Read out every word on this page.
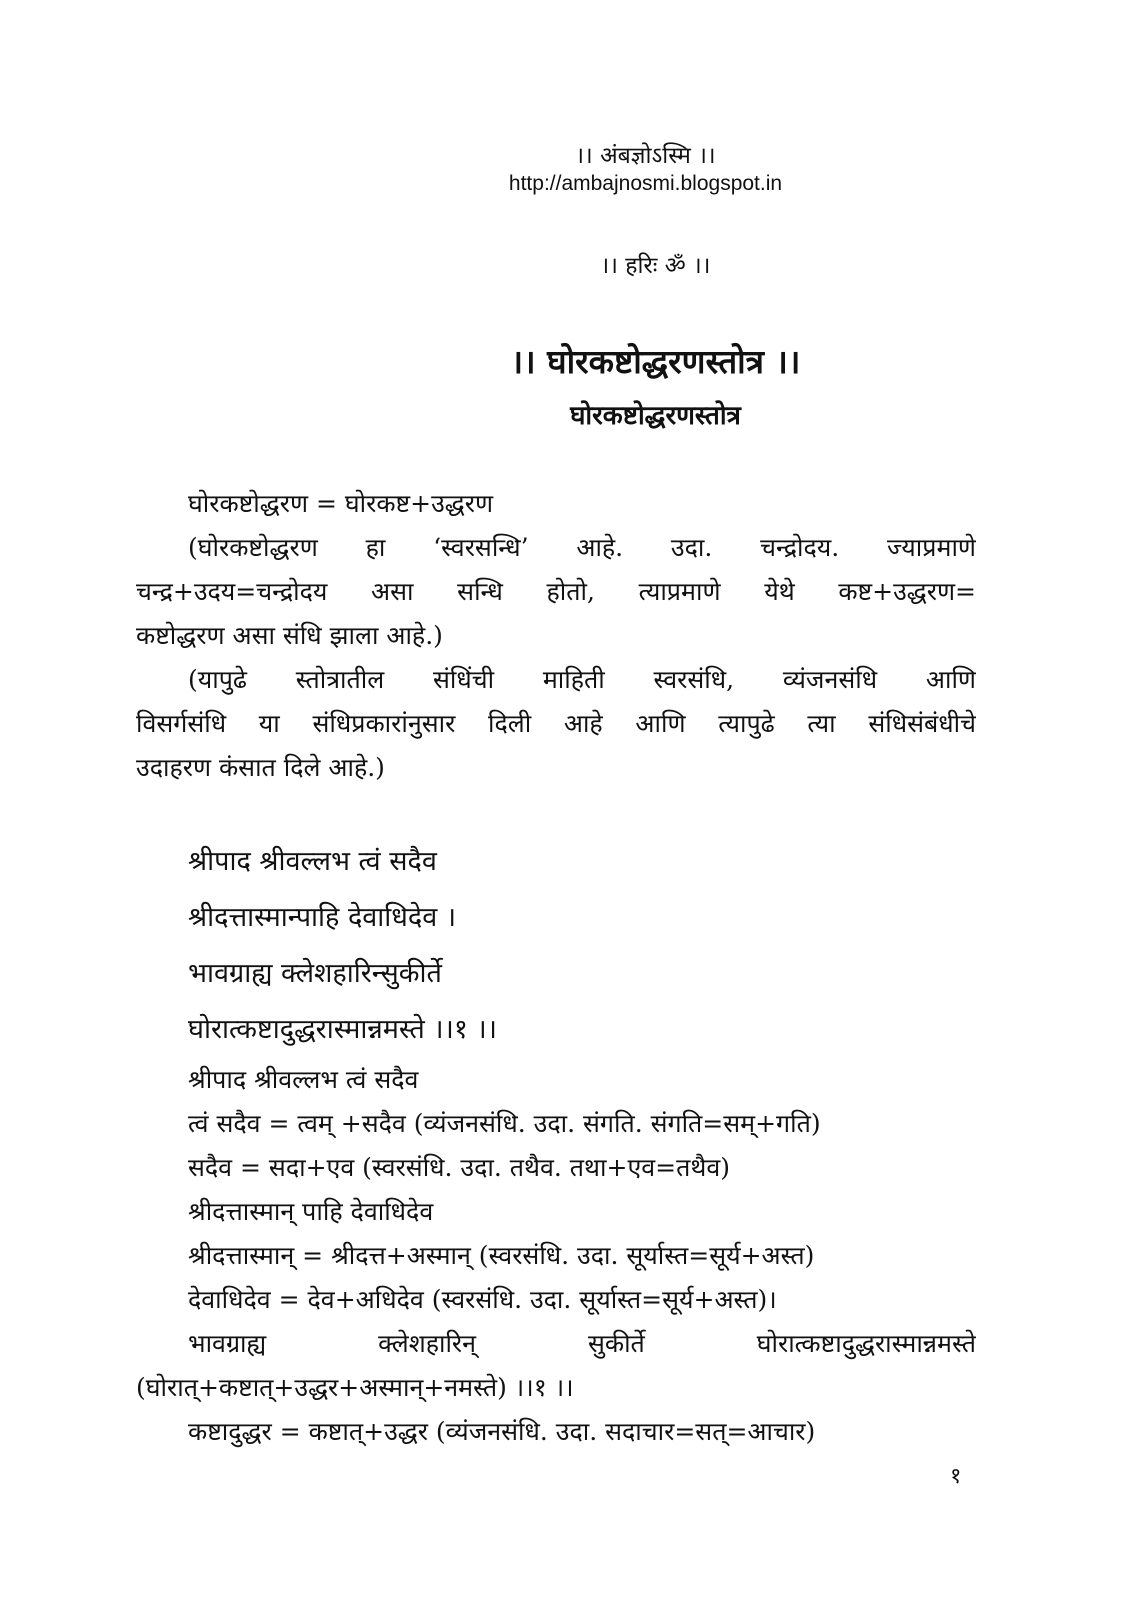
।। अंबज्ञोऽस्मि ।।
http://ambajnosmi.blogspot.in
।। हरिः ॐ ।।
।। घोरकष्टोद्धरणस्तोत्र ।।
घोरकष्टोद्धरणस्तोत्र
घोरकष्टोद्धरण = घोरकष्ट+उद्धरण
(घोरकष्टोद्धरण हा ‘स्वरसन्धि’ आहे. उदा. चन्द्रोदय. ज्याप्रमाणे
चन्द्र+उदय=चन्द्रोदय असा सन्धि होतो, त्याप्रमाणे येथे कष्ट+उद्धरण=
कष्टोद्धरण असा संधि झाला आहे.)
(यापुढे स्तोत्रातील संधिंची माहिती स्वरसंधि, व्यंजनसंधि आणि
विसर्गसंधि या संधिप्रकारांनुसार दिली आहे आणि त्यापुढे त्या संधिसंबंधीचे
उदाहरण कंसात दिले आहे.)
श्रीपाद श्रीवल्लभ त्वं सदैव
श्रीदत्तास्मान्पाहि देवाधिदेव ।
भावग्राह्य क्लेशहारिन्सुकीर्ते
घोरात्कष्टादुद्धरास्मान्नमस्ते ।।१ ।।
श्रीपाद श्रीवल्लभ त्वं सदैव
त्वं सदैव = त्वम् +सदैव (व्यंजनसंधि. उदा. संगति. संगति=सम्+गति)
सदैव = सदा+एव (स्वरसंधि. उदा. तथैव. तथा+एव=तथैव)
श्रीदत्तास्मान् पाहि देवाधिदेव
श्रीदत्तास्मान् = श्रीदत्त+अस्मान् (स्वरसंधि. उदा. सूर्यास्त=सूर्य+अस्त)
देवाधिदेव = देव+अधिदेव (स्वरसंधि. उदा. सूर्यास्त=सूर्य+अस्त)।
भावग्राह्य क्लेशहारिन् सुकीर्ते घोरात्कष्टादुद्धरास्मान्नमस्ते
(घोरात्+कष्टात्+उद्धर+अस्मान्+नमस्ते) ।।१ ।।
कष्टादुद्धर = कष्टात्+उद्धर (व्यंजनसंधि. उदा. सदाचार=सत्=आचार)
१
